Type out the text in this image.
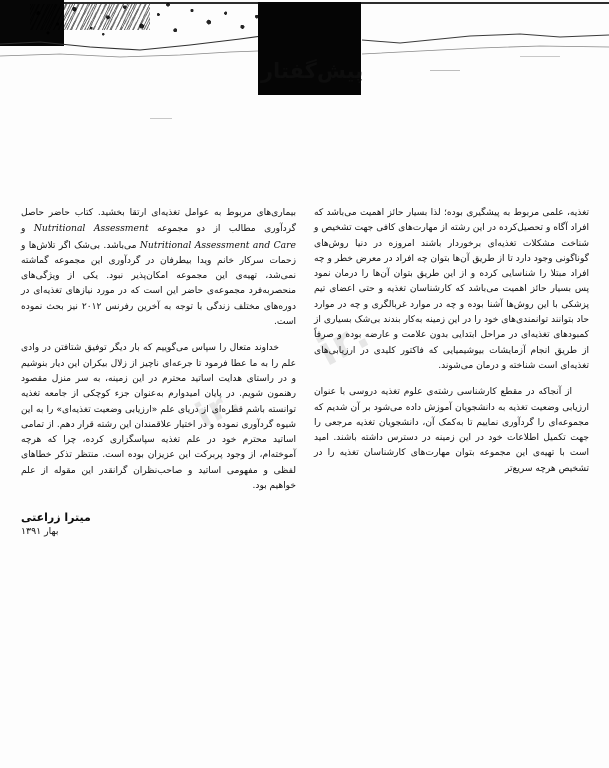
پیش‌گفتار

تغذیه، علمی مربوط به پیشگیری بوده؛ لذا بسیار حائز اهمیت می‌باشد که افراد آگاه و تحصیل‌کرده در این رشته از مهارت‌های کافی جهت تشخیص و شناخت مشکلات تغذیه‌ای برخوردار باشند امروزه در دنیا روش‌های گوناگونی وجود دارد تا از طریق آن‌ها بتوان چه افراد در معرض خطر و چه افراد مبتلا را شناسایی کرده و از این طریق بتوان آن‌ها را درمان نمود پس بسیار حائز اهمیت می‌باشد که کارشناسان تغذیه و حتی اعضای تیم پزشکی با این روش‌ها آشنا بوده و چه در موارد غربالگری و چه در موارد حاد بتوانند توانمندی‌های خود را در این زمینه به‌کار بندند بی‌شک بسیاری از کمبودهای تغذیه‌ای در مراحل ابتدایی بدون علامت و عارضه بوده و صرفاً از طریق انجام آزمایشات بیوشیمیایی که فاکتور کلیدی در ارزیابی‌های تغذیه‌ای است شناخته و درمان می‌شوند.

از آنجاکه در مقطع کارشناسی رشته‌ی علوم تغذیه دروسی با عنوان ارزیابی وضعیت تغذیه به دانشجویان آموزش داده می‌شود بر آن شدیم که مجموعه‌ای را گردآوری نماییم تا به‌کمک آن، دانشجویان تغذیه مرجعی را جهت تکمیل اطلاعات خود در این زمینه در دسترس داشته باشند. امید است با تهیه‌ی این مجموعه بتوان مهارت‌های کارشناسان تغذیه را در تشخیص هرچه سریع‌تر

بیماری‌های مربوط به عوامل تغذیه‌ای ارتقا بخشید. کتاب حاضر حاصل گردآوری مطالب از دو مجموعه Nutritional Assessment و Nutritional Assessment and Care می‌باشد. بی‌شک اگر تلاش‌ها و زحمات سرکار خانم ویدا بیطرفان در گردآوری این مجموعه گماشته نمی‌شد، تهیه‌ی این مجموعه امکان‌پذیر نبود. یکی از ویژگی‌های منحصربه‌فرد مجموعه‌ی حاضر این است که در مورد نیازهای تغذیه‌ای در دوره‌های مختلف زندگی با توجه به آخرین رفرنس ۲۰۱۲ نیز بحث نموده است.

خداوند متعال را سپاس می‌گوییم که بار دیگر توفیق شتافتن در وادی علم را به ما عطا فرمود تا جرعه‌ای ناچیز از زلال بیکران این دیار بنوشیم و در راستای هدایت اساتید محترم در این زمینه، به سر منزل مقصود رهنمون شویم. در پایان امیدوارم به‌عنوان جزء کوچکی از جامعه تغذیه توانسته باشم قطره‌ای از دریای علم «ارزیابی وضعیت تغذیه‌ای» را به این شیوه گردآوری نموده و در اختیار علاقمندان این رشته قرار دهم. از تمامی اساتید محترم خود در علم تغذیه سپاسگزاری کرده، چرا که هرچه آموخته‌ام، از وجود پربرکت این عزیزان بوده است. منتظر تذکر خطاهای لفظی و مفهومی اساتید و صاحب‌نظران گرانقدر این مقوله از علم خواهیم بود.

میترا زراعتی
بهار ۱۳۹۱
.ir
.ir
